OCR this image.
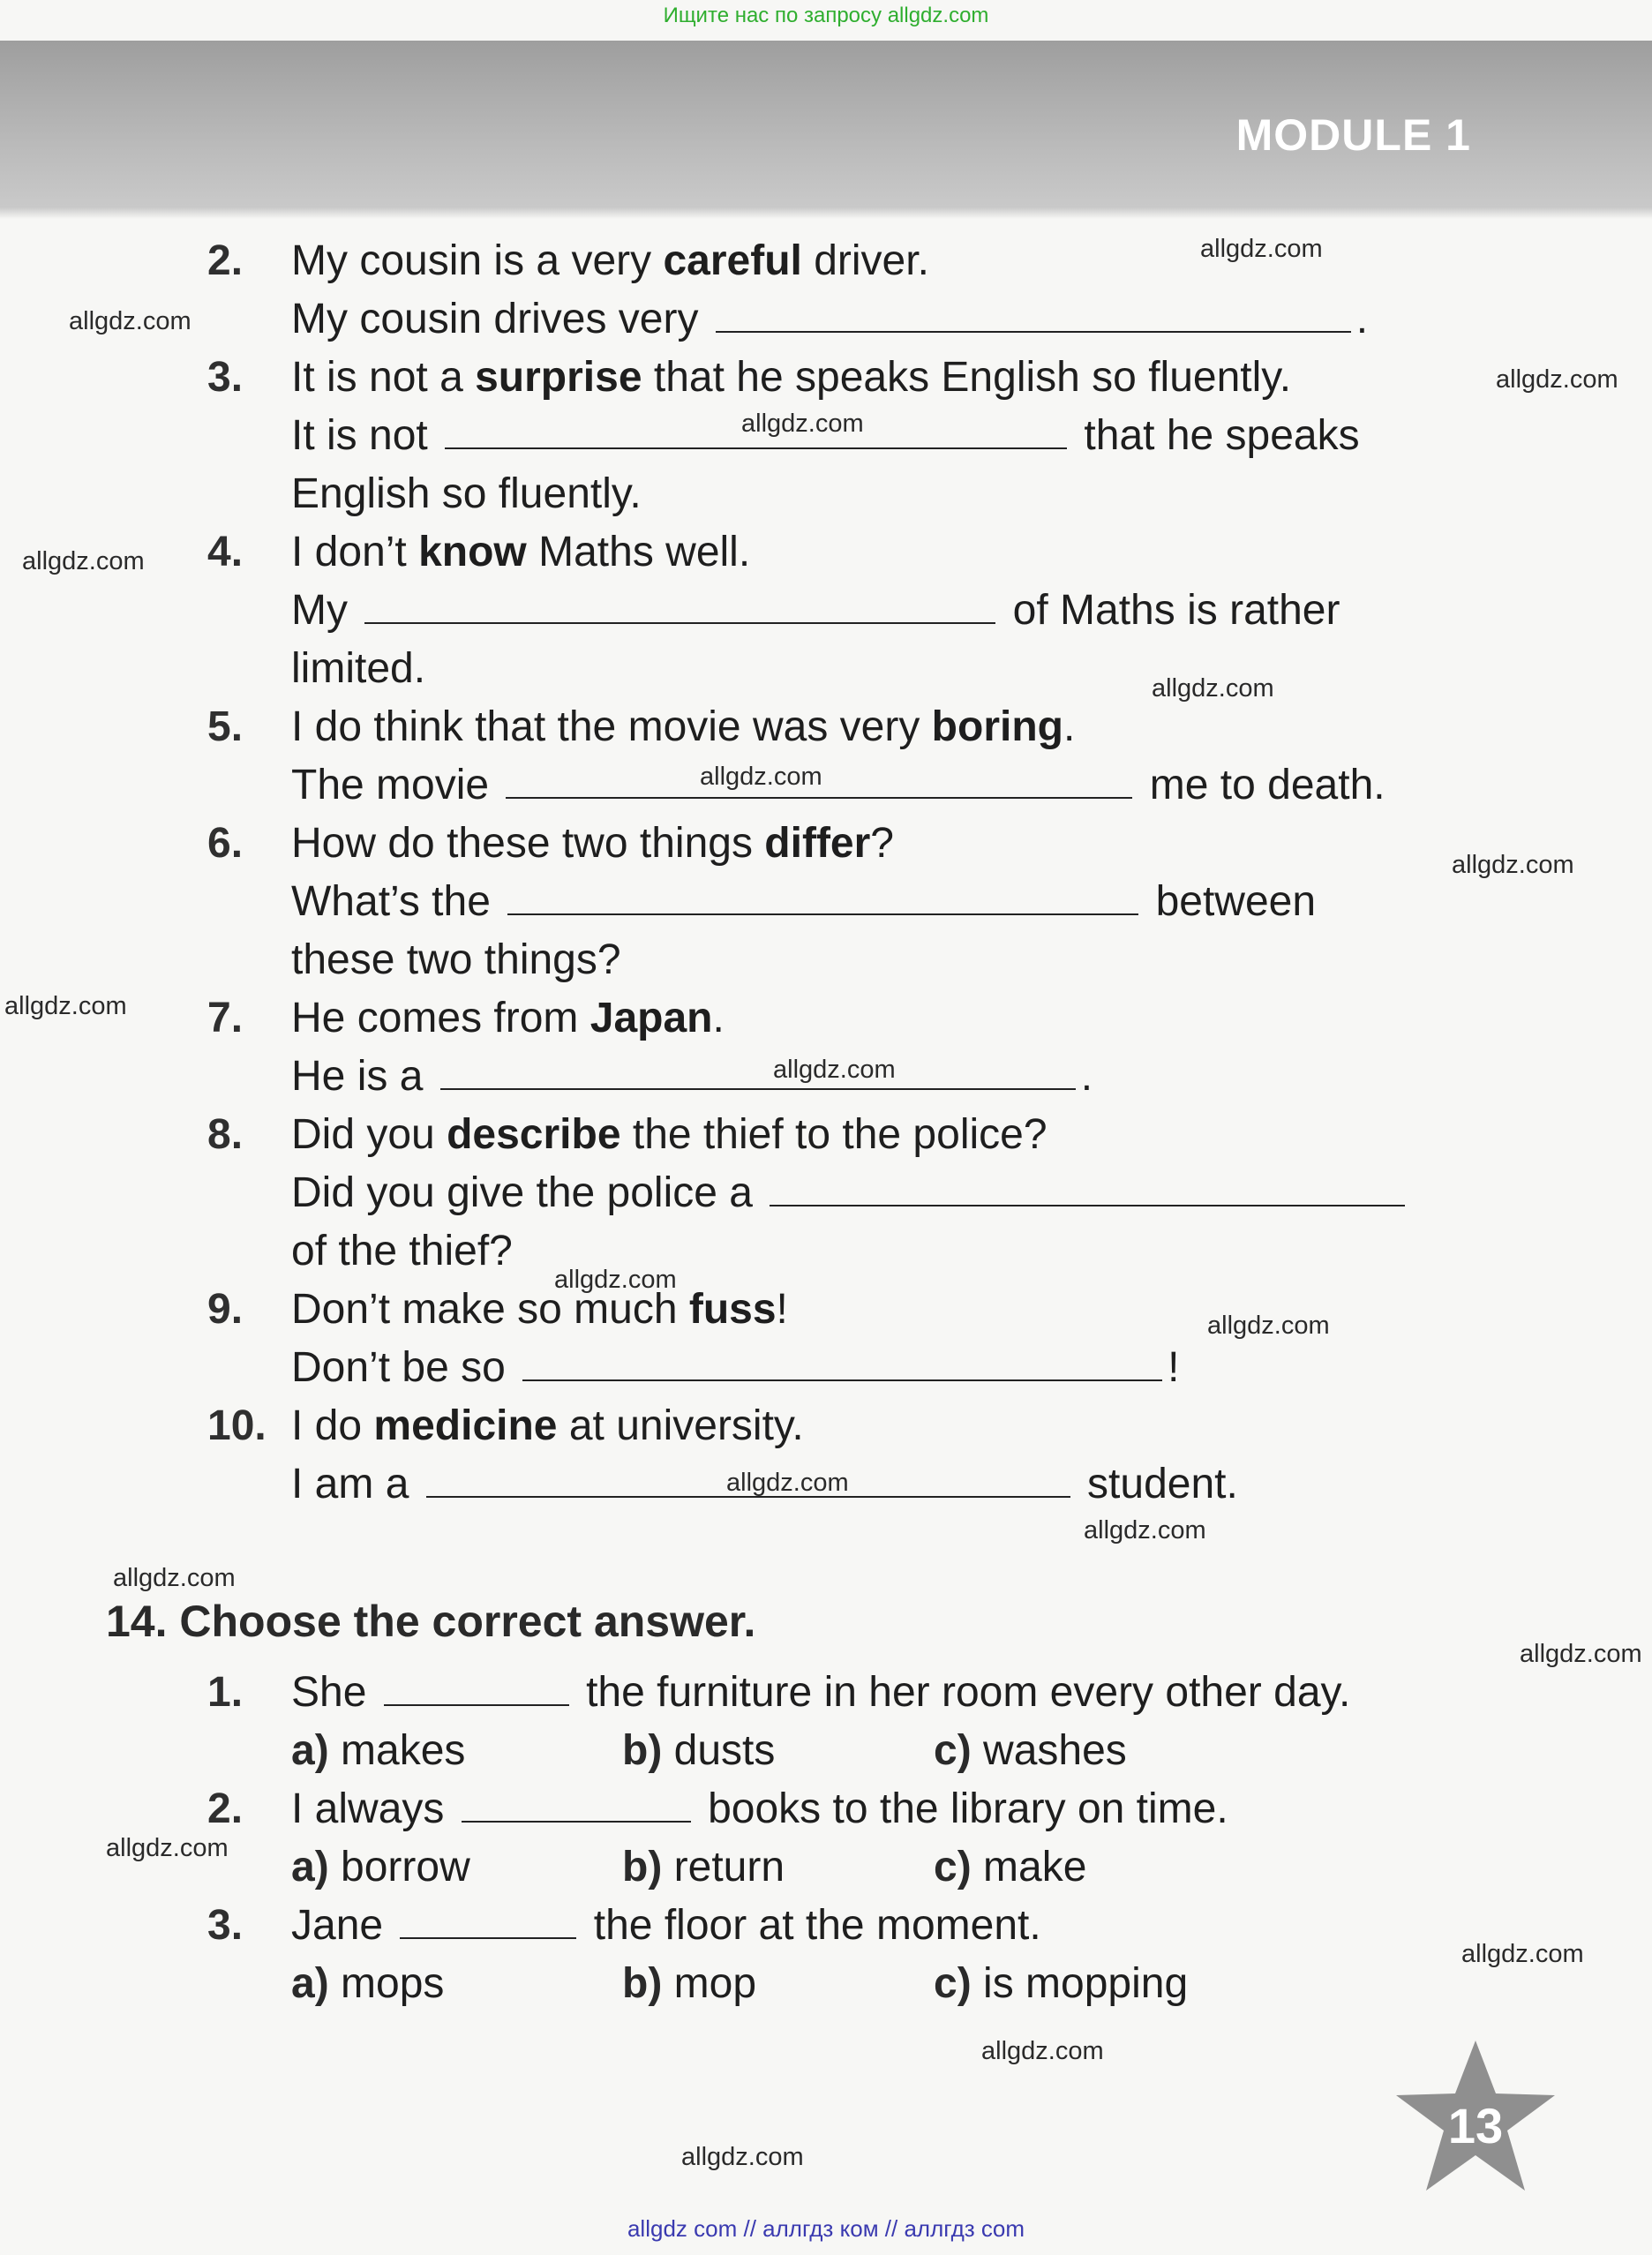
Ищите нас по запросу allgdz.com
MODULE 1
2. My cousin is a very careful driver.
My cousin drives very	.
3. It is not a surprise that he speaks English so fluently.
It is not	that he speaks
English so fluently.
4. I don’t know Maths well.
My	of Maths is rather
limited.
5. I do think that the movie was very boring.
The movie	me to death.
6. How do these two things differ?
What’s the	between
these two things?
7. He comes from Japan.
He is a	.
8. Did you describe the thief to the police?
Did you give the police a
of the thief?
9. Don’t make so much fuss!
Don’t be so	!
10. I do medicine at university.
I am a	student.
14. Choose the correct answer.
1. She	the furniture in her room every other day.
a) makes	b) dusts	c) washes
2. I always	books to the library on time.
a) borrow	b) return	c) make
3. Jane	the floor at the moment.
a) mops	b) mop	c) is mopping
allgdz.com
allgdz.com
allgdz.com
allgdz.com
allgdz.com
allgdz.com
allgdz.com
allgdz.com
allgdz.com
allgdz.com
allgdz.com
allgdz.com
allgdz.com
allgdz.com
allgdz.com
allgdz.com
allgdz.com
allgdz.com
allgdz.com
allgdz.com
13
allgdz com // аллгдз ком // аллгдз com
